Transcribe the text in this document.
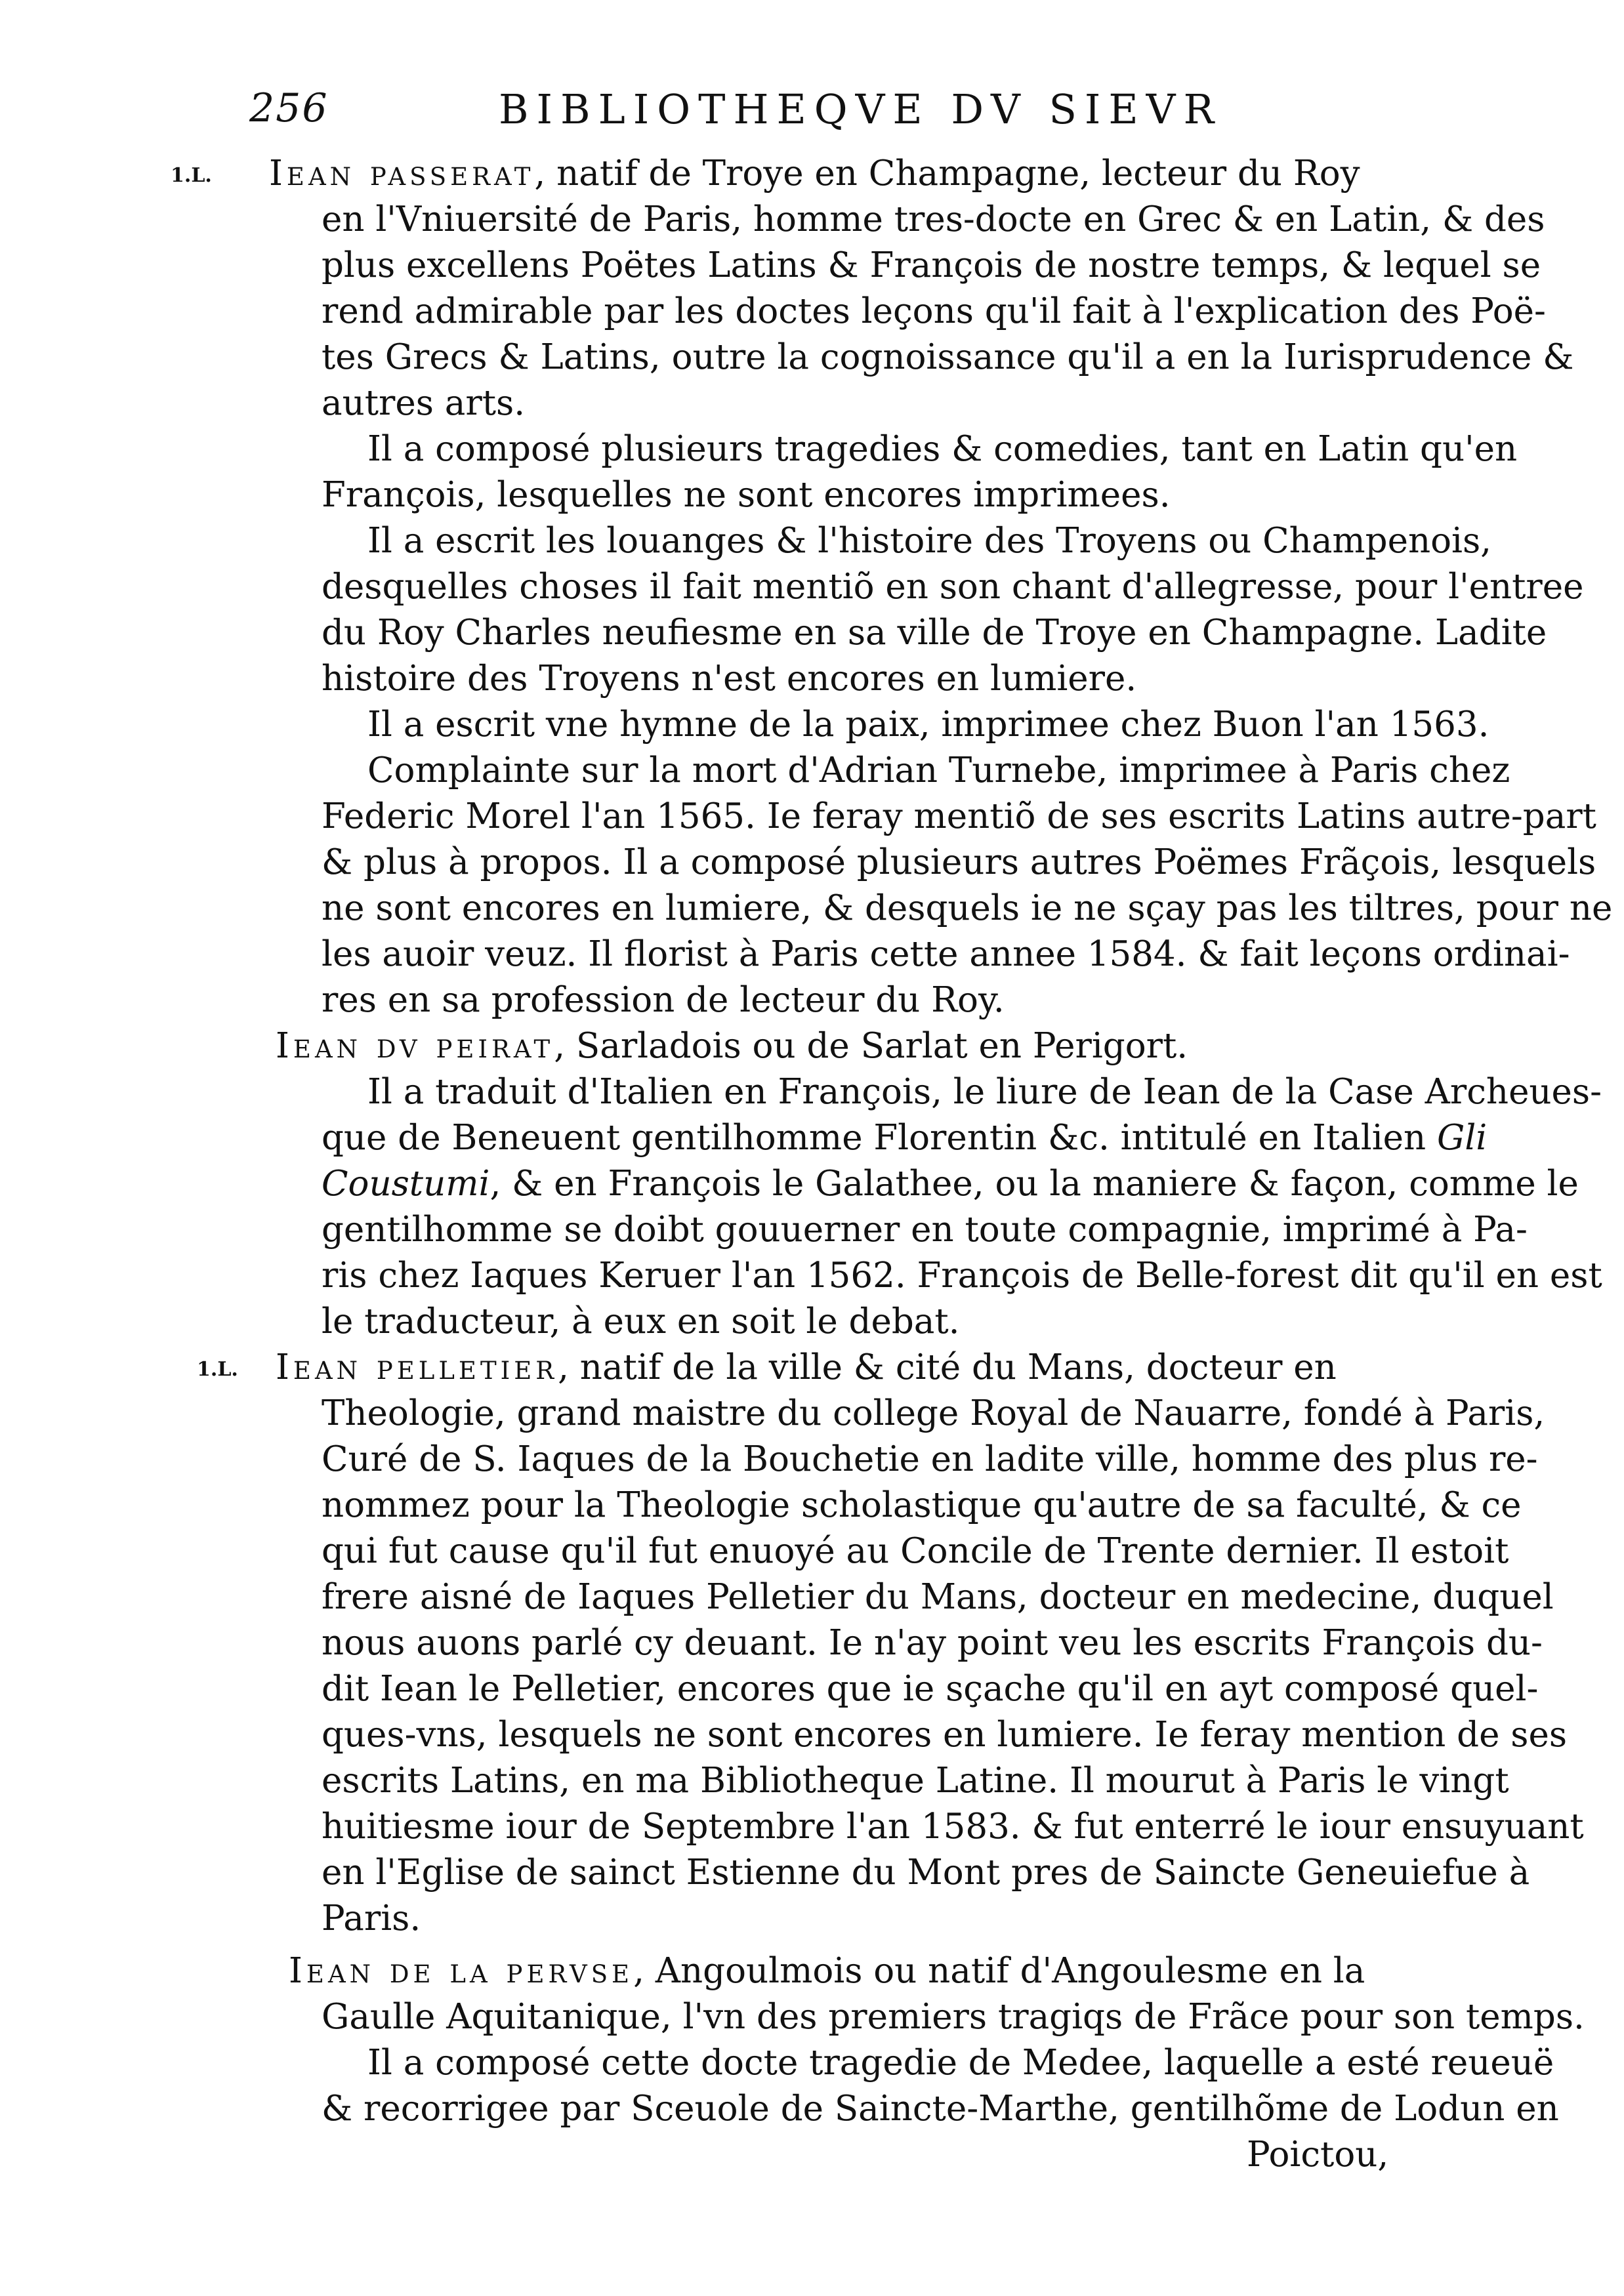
256	BIBLIOTHEQVE DV SIEVR
1.L. Iean passerat, natif de Troye en Champagne, lecteur du Roy
en l'Vniuersité de Paris, homme tres-docte en Grec & en Latin, & des
plus excellens Poëtes Latins & François de nostre temps, & lequel se
rend admirable par les doctes leçons qu'il fait à l'explication des Poë-
tes Grecs & Latins, outre la cognoissance qu'il a en la Iurisprudence &
autres arts.
Il a composé plusieurs tragedies & comedies, tant en Latin qu'en
François, lesquelles ne sont encores imprimees.
Il a escrit les louanges & l'histoire des Troyens ou Champenois,
desquelles choses il fait mentiõ en son chant d'allegresse, pour l'entree
du Roy Charles neufiesme en sa ville de Troye en Champagne. Ladite
histoire des Troyens n'est encores en lumiere.
Il a escrit vne hymne de la paix, imprimee chez Buon l'an 1563.
Complainte sur la mort d'Adrian Turnebe, imprimee à Paris chez
Federic Morel l'an 1565. Ie feray mentiõ de ses escrits Latins autre-part
& plus à propos. Il a composé plusieurs autres Poëmes Frãçois, lesquels
ne sont encores en lumiere, & desquels ie ne sçay pas les tiltres, pour ne
les auoir veuz. Il florist à Paris cette annee 1584. & fait leçons ordinai-
res en sa profession de lecteur du Roy.
Iean dv peirat, Sarladois ou de Sarlat en Perigort.
Il a traduit d'Italien en François, le liure de Iean de la Case Archeues-
que de Beneuent gentilhomme Florentin &c. intitulé en Italien Gli
Coustumi, & en François le Galathee, ou la maniere & façon, comme le
gentilhomme se doibt gouuerner en toute compagnie, imprimé à Pa-
ris chez Iaques Keruer l'an 1562. François de Belle-forest dit qu'il en est
le traducteur, à eux en soit le debat.
1.L. Iean pelletier, natif de la ville & cité du Mans, docteur en
Theologie, grand maistre du college Royal de Nauarre, fondé à Paris,
Curé de S. Iaques de la Bouchetie en ladite ville, homme des plus re-
nommez pour la Theologie scholastique qu'autre de sa faculté, & ce
qui fut cause qu'il fut enuoyé au Concile de Trente dernier. Il estoit
frere aisné de Iaques Pelletier du Mans, docteur en medecine, duquel
nous auons parlé cy deuant. Ie n'ay point veu les escrits François du-
dit Iean le Pelletier, encores que ie sçache qu'il en ayt composé quel-
ques-vns, lesquels ne sont encores en lumiere. Ie feray mention de ses
escrits Latins, en ma Bibliotheque Latine. Il mourut à Paris le vingt
huitiesme iour de Septembre l'an 1583. & fut enterré le iour ensuyuant
en l'Eglise de sainct Estienne du Mont pres de Saincte Geneuiefue à
Paris.
Iean de la pervse, Angoulmois ou natif d'Angoulesme en la
Gaulle Aquitanique, l'vn des premiers tragiqs de Frãce pour son temps.
Il a composé cette docte tragedie de Medee, laquelle a esté reueuë
& recorrigee par Sceuole de Saincte-Marthe, gentilhõme de Lodun en
Poictou,
